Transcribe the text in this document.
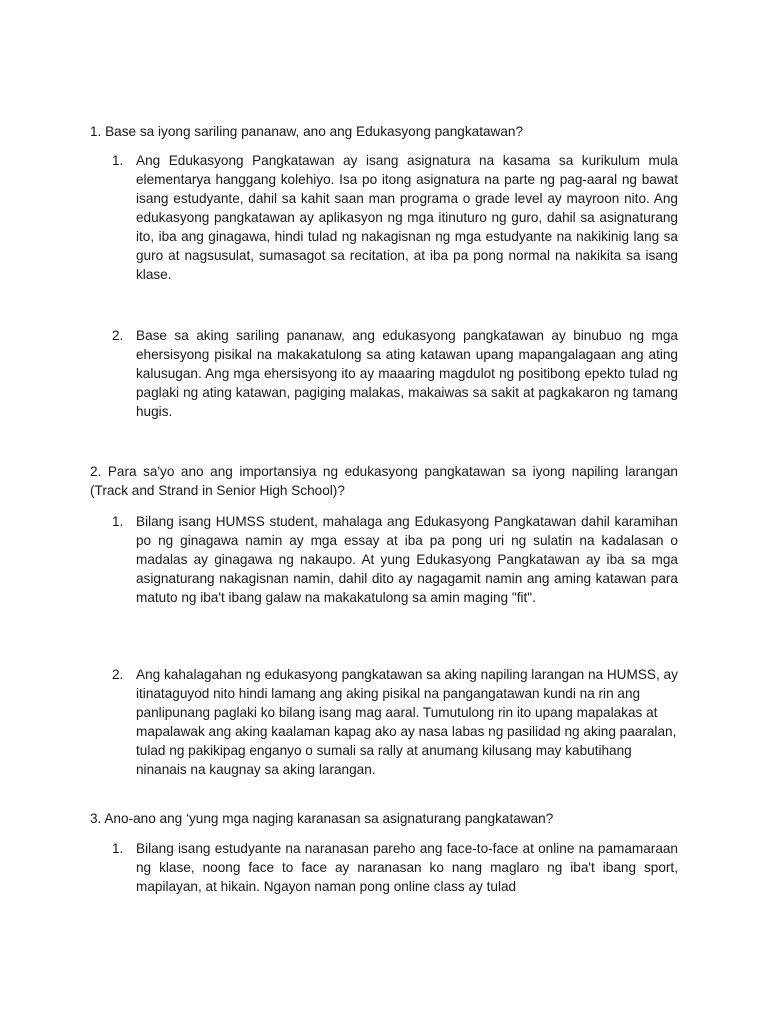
1. Base sa iyong sariling pananaw, ano ang Edukasyong pangkatawan?

1. Ang Edukasyong Pangkatawan ay isang asignatura na kasama sa kurikulum mula elementarya hanggang kolehiyo. Isa po itong asignatura na parte ng pag-aaral ng bawat isang estudyante, dahil sa kahit saan man programa o grade level ay mayroon nito. Ang edukasyong pangkatawan ay aplikasyon ng mga itinuturo ng guro, dahil sa asignaturang ito, iba ang ginagawa, hindi tulad ng nakagisnan ng mga estudyante na nakikinig lang sa guro at nagsusulat, sumasagot sa recitation, at iba pa pong normal na nakikita sa isang klase.
2. Base sa aking sariling pananaw, ang edukasyong pangkatawan ay binubuo ng mga ehersisyong pisikal na makakatulong sa ating katawan upang mapangalagaan ang ating kalusugan. Ang mga ehersisyong ito ay maaaring magdulot ng positibong epekto tulad ng paglaki ng ating katawan, pagiging malakas, makaiwas sa sakit at pagkakaron ng tamang hugis.

2. Para sa'yo ano ang importansiya ng edukasyong pangkatawan sa iyong napiling larangan (Track and Strand in Senior High School)?

1. Bilang isang HUMSS student, mahalaga ang Edukasyong Pangkatawan dahil karamihan po ng ginagawa namin ay mga essay at iba pa pong uri ng sulatin na kadalasan o madalas ay ginagawa ng nakaupo. At yung Edukasyong Pangkatawan ay iba sa mga asignaturang nakagisnan namin, dahil dito ay nagagamit namin ang aming katawan para matuto ng iba't ibang galaw na makakatulong sa amin maging "fit".
2. Ang kahalagahan ng edukasyong pangkatawan sa aking napiling larangan na HUMSS, ay itinataguyod nito hindi lamang ang aking pisikal na pangangatawan kundi na rin ang panlipunang paglaki ko bilang isang mag aaral. Tumutulong rin ito upang mapalakas at mapalawak ang aking kaalaman kapag ako ay nasa labas ng pasilidad ng aking paaralan, tulad ng pakikipag enganyo o sumali sa rally at anumang kilusang may kabutihang ninanais na kaugnay sa aking larangan.

3. Ano-ano ang ‘yung mga naging karanasan sa asignaturang pangkatawan?

1. Bilang isang estudyante na naranasan pareho ang face-to-face at online na pamamaraan ng klase, noong face to face ay naranasan ko nang maglaro ng iba't ibang sport, mapilayan, at hikain. Ngayon naman pong online class ay tulad
